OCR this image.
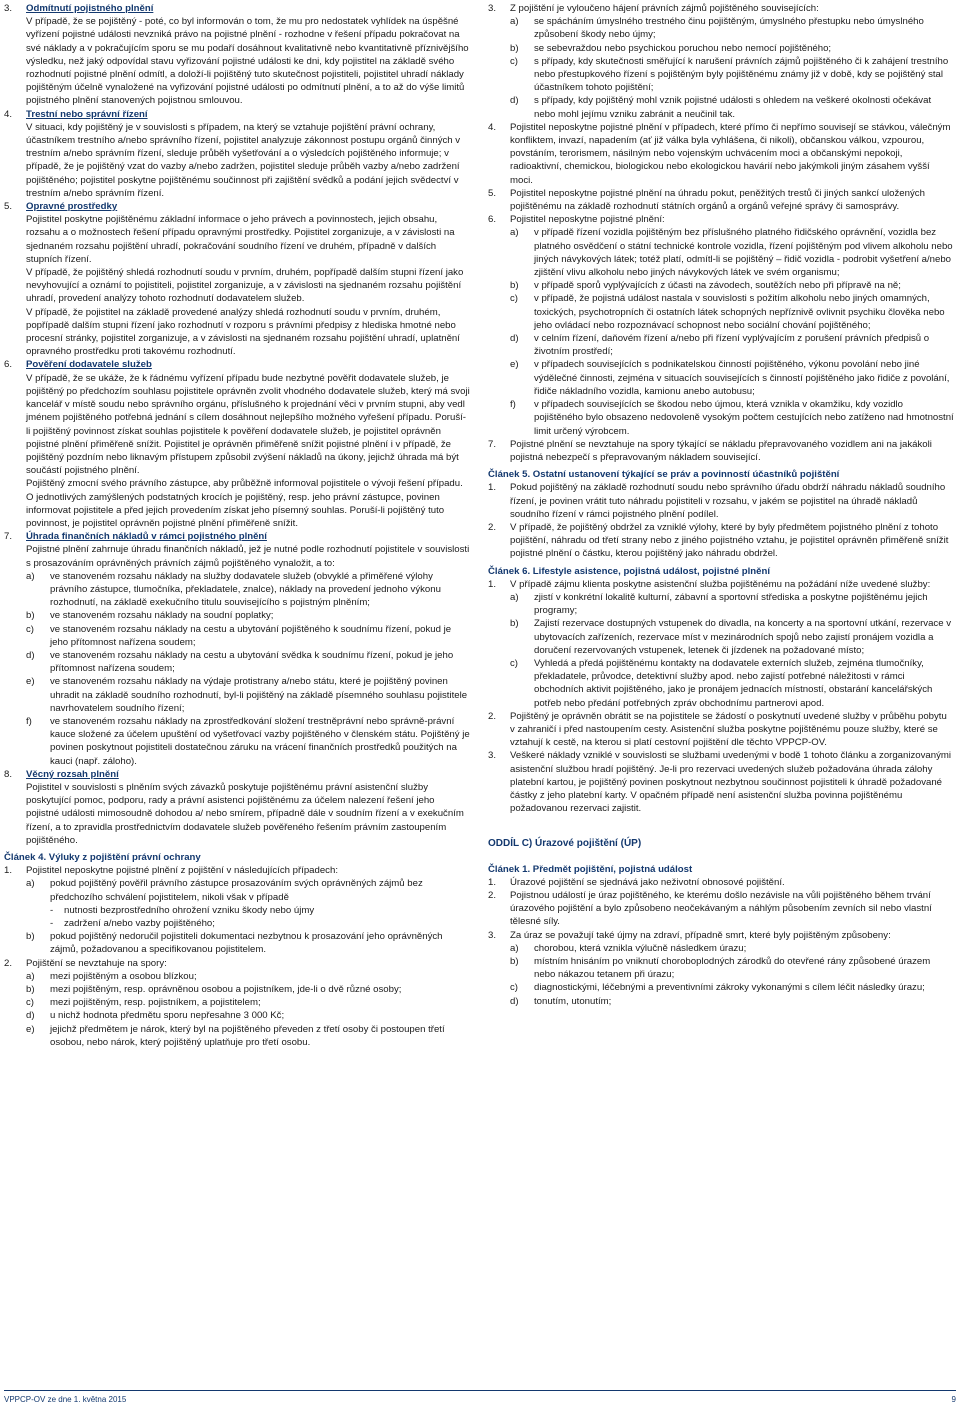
3.	Odmítnutí pojistného plnění
V případě, že se pojištěný - poté, co byl informován o tom, že mu pro nedostatek vyhlídek na úspěšné vyřízení pojistné události nevzniká právo na pojistné plnění - rozhodne v řešení případu pokračovat na své náklady a v pokračujícím sporu se mu podaří dosáhnout kvalitativně nebo kvantitativně příznivějšího výsledku, než jaký odpovídal stavu vyřizování pojistné události ke dni, kdy pojistitel na základě svého rozhodnutí pojistné plnění odmítl, a doloží-li pojištěný tuto skutečnost pojistiteli, pojistitel uhradí náklady pojištěným účelně vynaložené na vyřizování pojistné události po odmítnutí plnění, a to až do výše limitů pojistného plnění stanovených pojistnou smlouvou.
4.	Trestní nebo správní řízení
V situaci, kdy pojištěný je v souvislosti s případem, na který se vztahuje pojištění právní ochrany, účastníkem trestního a/nebo správního řízení, pojistitel analyzuje zákonnost postupu orgánů činných v trestním a/nebo správním řízení, sleduje průběh vyšetřování a o výsledcích pojištěného informuje; v případě, že je pojištěný vzat do vazby a/nebo zadržen, pojistitel sleduje průběh vazby a/nebo zadržení pojištěného; pojistitel poskytne pojištěnému součinnost při zajištění svědků a podání jejich svědectví v trestním a/nebo správním řízení.
5.	Opravné prostředky
Pojistitel poskytne pojištěnému základní informace o jeho právech a povinnostech, jejich obsahu, rozsahu a o možnostech řešení případu opravnými prostředky. Pojistitel zorganizuje, a v závislosti na sjednaném rozsahu pojištění uhradí, pokračování soudního řízení ve druhém, případně v dalších stupních řízení.
V případě, že pojištěný shledá rozhodnutí soudu v prvním, druhém, popřípadě dalším stupni řízení jako nevyhovující a oznámí to pojistiteli, pojistitel zorganizuje, a v závislosti na sjednaném rozsahu pojištění uhradí, provedení analýzy tohoto rozhodnutí dodavatelem služeb.
V případě, že pojistitel na základě provedené analýzy shledá rozhodnutí soudu v prvním, druhém, popřípadě dalším stupni řízení jako rozhodnutí v rozporu s právními předpisy z hlediska hmotné nebo procesní stránky, pojistitel zorganizuje, a v závislosti na sjednaném rozsahu pojištění uhradí, uplatnění opravného prostředku proti takovému rozhodnutí.
6.	Pověření dodavatele služeb
V případě, že se ukáže, že k řádnému vyřízení případu bude nezbytné pověřit dodavatele služeb, je pojištěný po předchozím souhlasu pojistitele oprávněn zvolit vhodného dodavatele služeb, který má svoji kancelář v místě soudu nebo správního orgánu, příslušného k projednání věci v prvním stupni, aby vedl jménem pojištěného potřebná jednání s cílem dosáhnout nejlepšího možného vyřešení případu. Poruší-li pojištěný povinnost získat souhlas pojistitele k pověření dodavatele služeb, je pojistitel oprávněn pojistné plnění přiměřeně snížit. Pojistitel je oprávněn přiměřeně snížit pojistné plnění i v případě, že pojištěný pozdním nebo liknavým přístupem způsobil zvýšení nákladů na úkony, jejichž úhrada má být součástí pojistného plnění.
Pojištěný zmocní svého právního zástupce, aby průběžně informoval pojistitele o vývoji řešení případu. O jednotlivých zamýšlených podstatných krocích je pojištěný, resp. jeho právní zástupce, povinen informovat pojistitele a před jejich provedením získat jeho písemný souhlas. Poruší-li pojištěný tuto povinnost, je pojistitel oprávněn pojistné plnění přiměřeně snížit.
7.	Úhrada finančních nákladů v rámci pojistného plnění
Pojistné plnění zahrnuje úhradu finančních nákladů, jež je nutné podle rozhodnutí pojistitele v souvislosti s prosazováním oprávněných právních zájmů pojištěného vynaložit, a to:
a)	ve stanoveném rozsahu náklady na služby dodavatele služeb (obvyklé a přiměřené výlohy právního zástupce, tlumočníka, překladatele, znalce), náklady na provedení jednoho výkonu rozhodnutí, na základě exekučního titulu souvisejícího s pojistným plněním;
b)	ve stanoveném rozsahu náklady na soudní poplatky;
c)	ve stanoveném rozsahu náklady na cestu a ubytování pojištěného k soudnímu řízení, pokud je jeho přítomnost nařízena soudem;
d)	ve stanoveném rozsahu náklady na cestu a ubytování svědka k soudnímu řízení, pokud je jeho přítomnost nařízena soudem;
e)	ve stanoveném rozsahu náklady na výdaje protistrany a/nebo státu, které je pojištěný povinen uhradit na základě soudního rozhodnutí, byl-li pojištěný na základě písemného souhlasu pojistitele navrhovatelem soudního řízení;
f)	ve stanoveném rozsahu náklady na zprostředkování složení trestněprávní nebo správně-právní kauce složené za účelem upuštění od vyšetřovací vazby pojištěného v členském státu. Pojištěný je povinen poskytnout pojistiteli dostatečnou záruku na vrácení finančních prostředků použitých na kauci (např. záloho).
8.	Věcný rozsah plnění
Pojistitel v souvislosti s plněním svých závazků poskytuje pojištěnému právní asistenční služby poskytující pomoc, podporu, rady a právní asistenci pojištěnému za účelem nalezení řešení jeho pojistné události mimosoudně dohodou a/ nebo smírem, případně dále v soudním řízení a v exekučním řízení, a to zpravidla prostřednictvím dodavatele služeb pověřeného řešením právním zastoupením pojištěného.
Článek 4. Výluky z pojištění právní ochrany
1.	Pojistitel neposkytne pojistné plnění z pojištění v následujících případech:
a)	pokud pojištěný pověřil právního zástupce prosazováním svých oprávněných zájmů bez předchozího schválení pojistitelem, nikoli však v případě
-	nutnosti bezprostředního ohrožení vzniku škody nebo újmy
-	zadržení a/nebo vazby pojištěného;
b)	pokud pojištěný nedoručil pojistiteli dokumentaci nezbytnou k prosazování jeho oprávněných zájmů, požadovanou a specifikovanou pojistitelem.
2.	Pojištění se nevztahuje na spory:
a)	mezi pojištěným a osobou blízkou;
b)	mezi pojištěným, resp. oprávněnou osobou a pojistníkem, jde-li o dvě různé osoby;
c)	mezi pojištěným, resp. pojistníkem, a pojistitelem;
d)	u nichž hodnota předmětu sporu nepřesahne 3 000 Kč;
e)	jejichž předmětem je nárok, který byl na pojištěného převeden z třetí osoby či postoupen třetí osobou, nebo nárok, který pojištěný uplatňuje pro třetí osobu.
3.	Z pojištění je vyloučeno hájení právních zájmů pojištěného souvisejících:
a)	se spácháním úmyslného trestného činu pojištěným, úmyslného přestupku nebo úmyslného způsobení škody nebo újmy;
b)	se sebevraždou nebo psychickou poruchou nebo nemocí pojištěného;
c)	s případy, kdy skutečnosti směřující k narušení právních zájmů pojištěného či k zahájení trestního nebo přestupkového řízení s pojištěným byly pojištěnému známy již v době, kdy se pojištěný stal účastníkem tohoto pojištění;
d)	s případy, kdy pojištěný mohl vznik pojistné události s ohledem na veškeré okolnosti očekávat nebo mohl jejímu vzniku zabránit a neučinil tak.
4.	Pojistitel neposkytne pojistné plnění v případech, které přímo či nepřímo souvisejí se stávkou, válečným konfliktem, invazí, napadením (ať již válka byla vyhlášena, či nikoli), občanskou válkou, vzpourou, povstáním, terorismem, násilným nebo vojenským uchvácením moci a občanskými nepokoji, radioaktivní, chemickou, biologickou nebo ekologickou havárií nebo jakýmkoli jiným zásahem vyšší moci.
5.	Pojistitel neposkytne pojistné plnění na úhradu pokut, peněžitých trestů či jiných sankcí uložených pojištěnému na základě rozhodnutí státních orgánů a orgánů veřejné správy či samosprávy.
6.	Pojistitel neposkytne pojistné plnění:
a)	v případě řízení vozidla pojištěným bez příslušného platného řidičského oprávnění, vozidla bez platného osvědčení o státní technické kontrole vozidla, řízení pojištěným pod vlivem alkoholu nebo jiných návykových látek; totéž platí, odmítl-li se pojištěný – řidič vozidla - podrobit vyšetření a/nebo zjištění vlivu alkoholu nebo jiných návykových látek ve svém organismu;
b)	v případě sporů vyplývajících z účasti na závodech, soutěžích nebo při přípravě na ně;
c)	v případě, že pojistná událost nastala v souvislosti s požitím alkoholu nebo jiných omamných, toxických, psychotropních či ostatních látek schopných nepříznivě ovlivnit psychiku člověka nebo jeho ovládací nebo rozpoznávací schopnost nebo sociální chování pojištěného;
d)	v celním řízení, daňovém řízení a/nebo při řízení vyplývajícím z porušení právních předpisů o životním prostředí;
e)	v případech souvisejících s podnikatelskou činností pojištěného, výkonu povolání nebo jiné výdělečné činnosti, zejména v situacích souvisejících s činností pojištěného jako řidiče z povolání, řidiče nákladního vozidla, kamionu anebo autobusu;
f)	v případech souvisejících se škodou nebo újmou, která vznikla v okamžiku, kdy vozidlo pojištěného bylo obsazeno nedovoleně vysokým počtem cestujících nebo zatíženo nad hmotnostní limit určený výrobcem.
7.	Pojistné plnění se nevztahuje na spory týkající se nákladu přepravovaného vozidlem ani na jakákoli pojistná nebezpečí s přepravovaným nákladem související.
Článek 5. Ostatní ustanovení týkající se práv a povinností účastníků pojištění
1.	Pokud pojištěný na základě rozhodnutí soudu nebo správního úřadu obdrží náhradu nákladů soudního řízení, je povinen vrátit tuto náhradu pojistiteli v rozsahu, v jakém se pojistitel na úhradě nákladů soudního řízení v rámci pojistného plnění podílel.
2.	V případě, že pojištěný obdržel za vzniklé výlohy, které by byly předmětem pojistného plnění z tohoto pojištění, náhradu od třetí strany nebo z jiného pojistného vztahu, je pojistitel oprávněn přiměřeně snížit pojistné plnění o částku, kterou pojištěný jako náhradu obdržel.
Článek 6. Lifestyle asistence, pojistná událost, pojistné plnění
1.	V případě zájmu klienta poskytne asistenční služba pojištěnému na požádání níže uvedené služby:
a)	zjistí v konkrétní lokalitě kulturní, zábavní a sportovní střediska a poskytne pojištěnému jejich programy;
b)	Zajistí rezervace dostupných vstupenek do divadla, na koncerty a na sportovní utkání, rezervace v ubytovacích zařízeních, rezervace míst v mezinárodních spojů nebo zajistí pronájem vozidla a doručení rezervovaných vstupenek, letenek či jízdenek na požadované místo;
c)	Vyhledá a předá pojištěnému kontakty na dodavatele externích služeb, zejména tlumočníky, překladatele, průvodce, detektivní služby apod. nebo zajistí potřebné náležitosti v rámci obchodních aktivit pojištěného, jako je pronájem jednacích místností, obstarání kancelářských potřeb nebo předání potřebných zpráv obchodnímu partnerovi apod.
2.	Pojištěný je oprávněn obrátit se na pojistitele se žádostí o poskytnutí uvedené služby v průběhu pobytu v zahraničí i před nastoupením cesty. Asistenční služba poskytne pojištěnému pouze služby, které se vztahují k cestě, na kterou si platí cestovní pojištění dle těchto VPPCP-OV.
3.	Veškeré náklady vzniklé v souvislosti se službami uvedenými v bodě 1 tohoto článku a zorganizovanými asistenční službou hradí pojištěný. Je-li pro rezervaci uvedených služeb požadována úhrada zálohy platební kartou, je pojištěný povinen poskytnout nezbytnou součinnost pojistiteli k úhradě požadované částky z jeho platební karty. V opačném případě není asistenční služba povinna pojištěnému požadovanou rezervaci zajistit.
ODDÍL C) Úrazové pojištění (ÚP)
Článek 1. Předmět pojištění, pojistná událost
1.	Úrazové pojištění se sjednává jako neživotní obnosové pojištění.
2.	Pojistnou událostí je úraz pojištěného, ke kterému došlo nezávisle na vůli pojištěného během trvání úrazového pojištění a bylo způsobeno neočekávaným a náhlým působením zevních sil nebo vlastní tělesné síly.
3.	Za úraz se považují také újmy na zdraví, případně smrt, které byly pojištěným způsobeny:
a)	chorobou, která vznikla výlučně následkem úrazu;
b)	místním hnisáním po vniknutí choroboplodných zárodků do otevřené rány způsobené úrazem nebo nákazou tetanem při úrazu;
c)	diagnostickými, léčebnými a preventivními zákroky vykonanými s cílem léčit následky úrazu;
d)	tonutím, utonutím;
VPPCP-OV ze dne 1. května 2015	9
